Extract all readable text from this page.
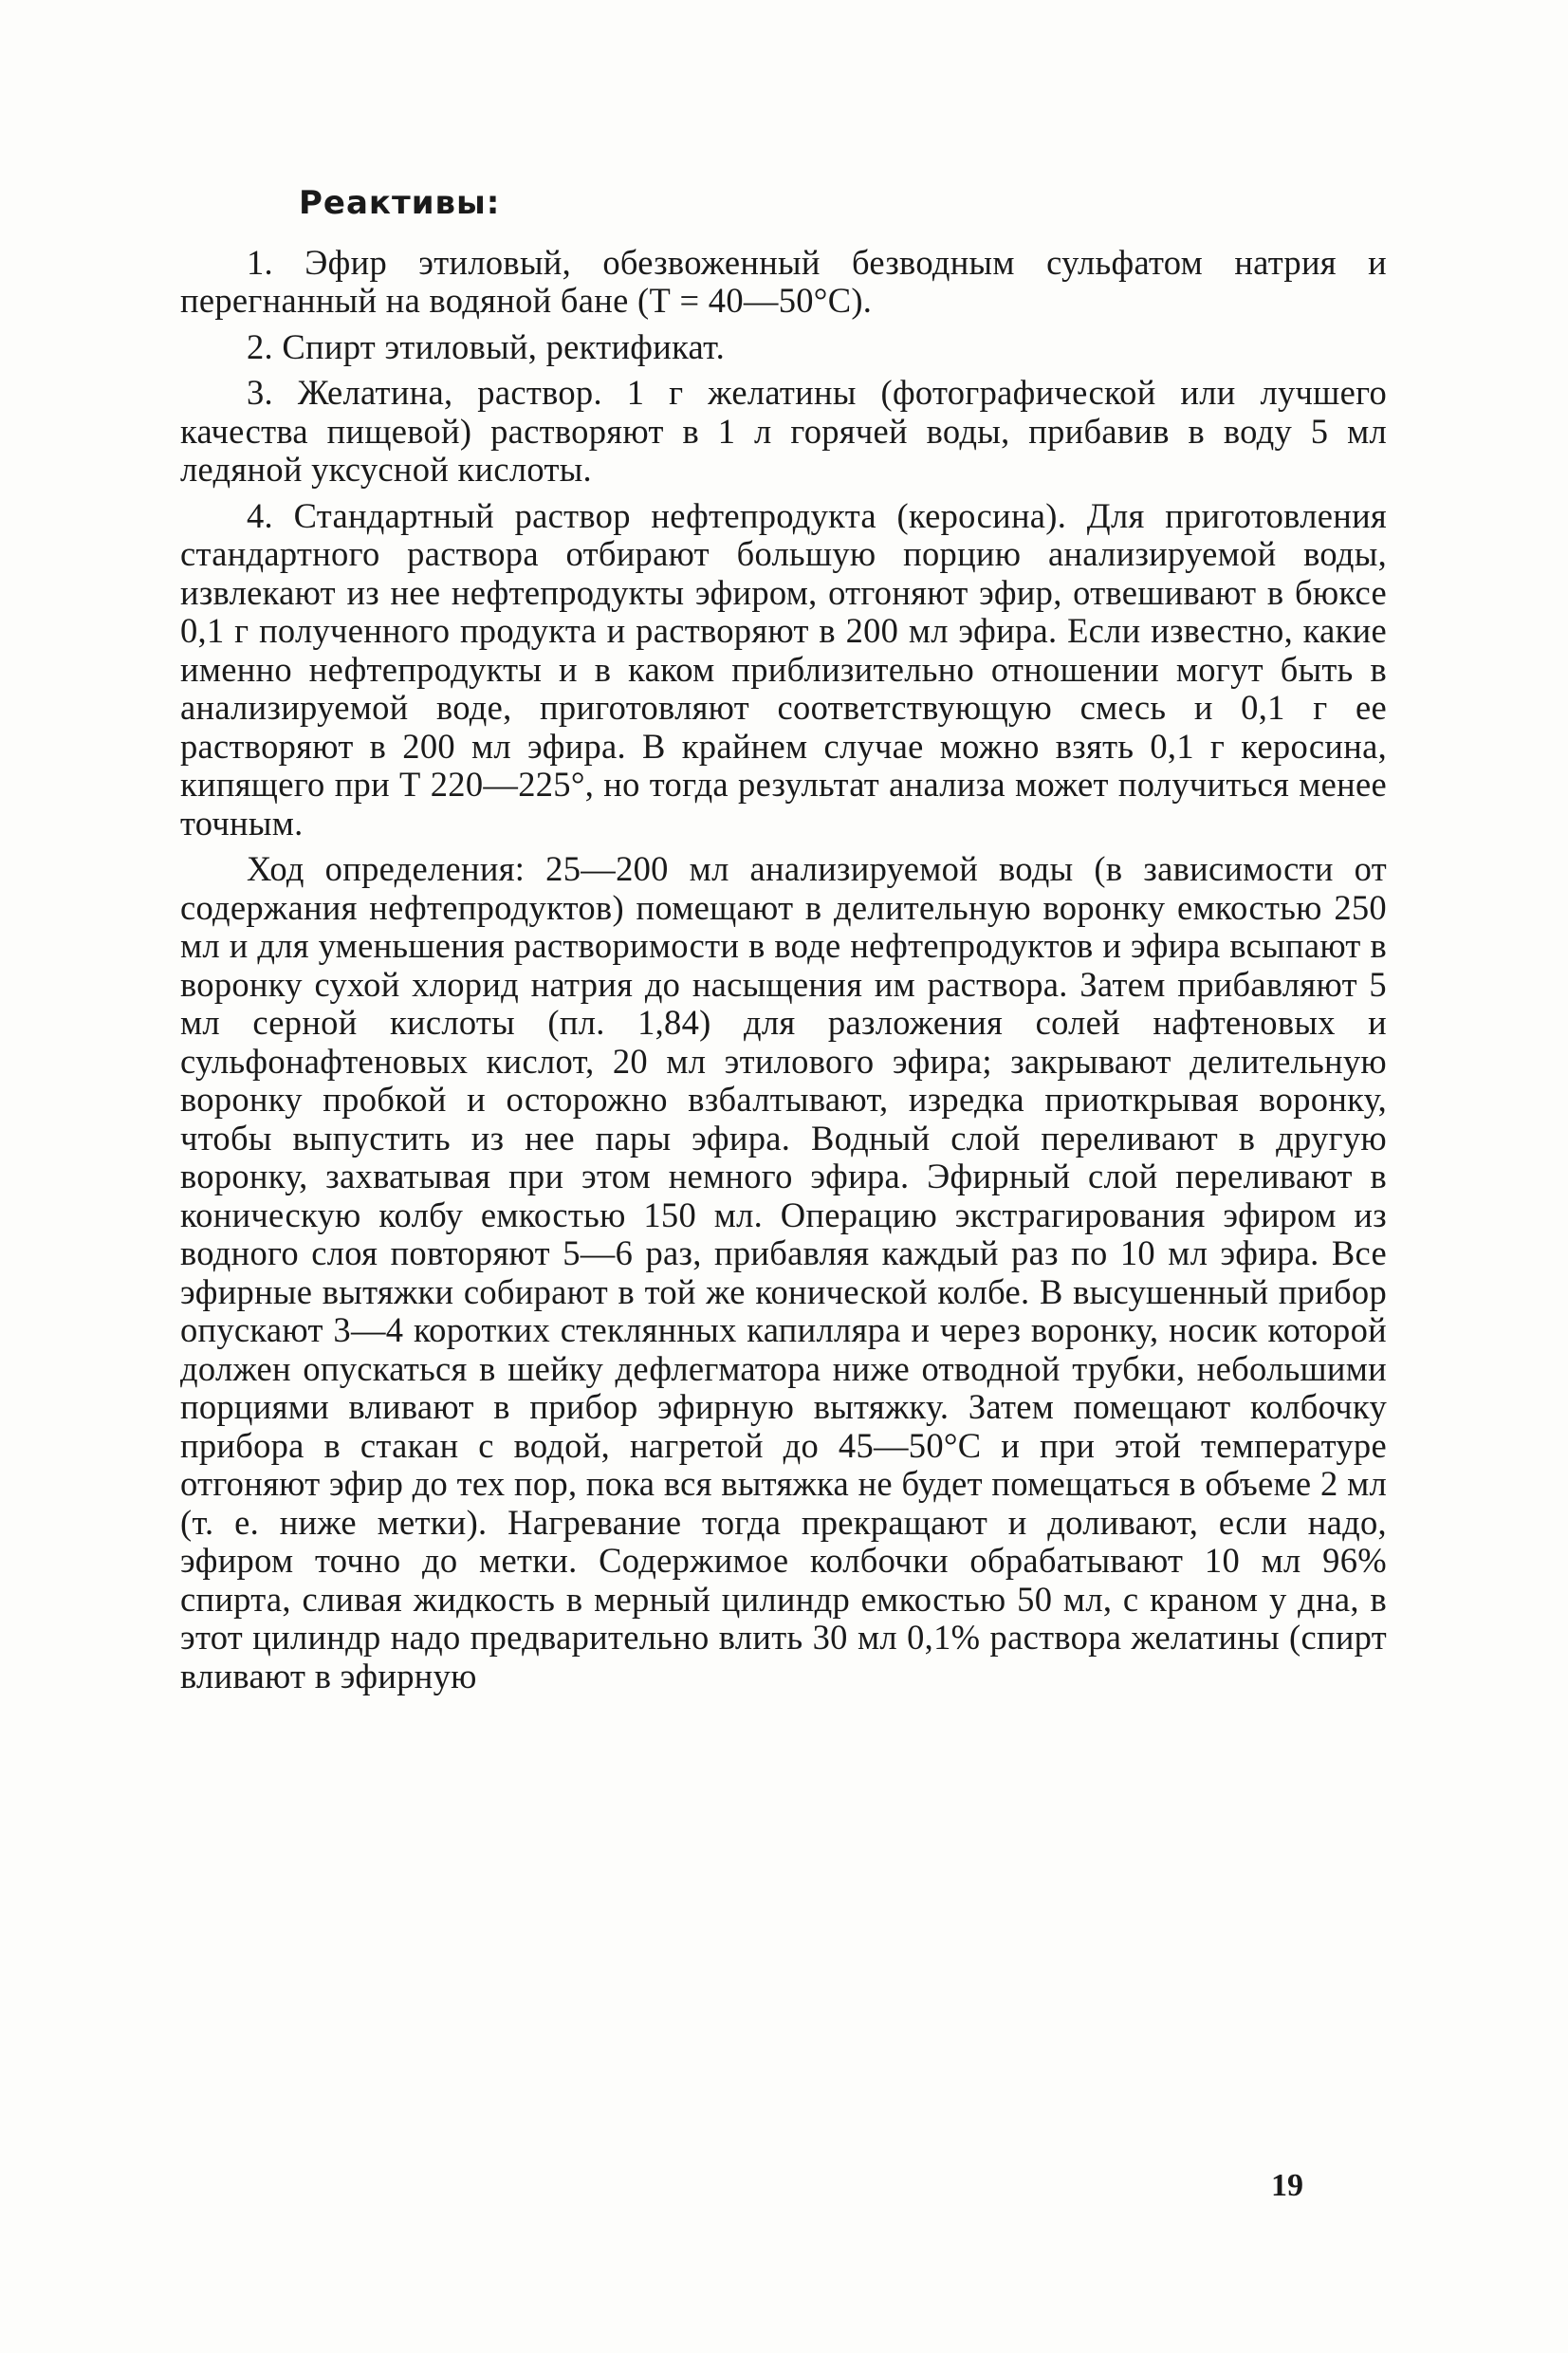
Реактивы:

1. Эфир этиловый, обезвоженный безводным сульфатом натрия и перегнанный на водяной бане (Т = 40—50°С).

2. Спирт этиловый, ректификат.

3. Желатина, раствор. 1 г желатины (фотографической или лучшего качества пищевой) растворяют в 1 л горячей воды, прибавив в воду 5 мл ледяной уксусной кислоты.

4. Стандартный раствор нефтепродукта (керосина). Для приготовления стандартного раствора отбирают большую порцию анализируемой воды, извлекают из нее нефтепродукты эфиром, отгоняют эфир, отвешивают в бюксе 0,1 г полученного продукта и растворяют в 200 мл эфира. Если известно, какие именно нефтепродукты и в каком приблизительно отношении могут быть в анализируемой воде, приготовляют соответствующую смесь и 0,1 г ее растворяют в 200 мл эфира. В крайнем случае можно взять 0,1 г керосина, кипящего при Т 220—225°, но тогда результат анализа может получиться менее точным.

Ход определения: 25—200 мл анализируемой воды (в зависимости от содержания нефтепродуктов) помещают в делительную воронку емкостью 250 мл и для уменьшения растворимости в воде нефтепродуктов и эфира всыпают в воронку сухой хлорид натрия до насыщения им раствора. Затем прибавляют 5 мл серной кислоты (пл. 1,84) для разложения солей нафтеновых и сульфонафтеновых кислот, 20 мл этилового эфира; закрывают делительную воронку пробкой и осторожно взбалтывают, изредка приоткрывая воронку, чтобы выпустить из нее пары эфира. Водный слой переливают в другую воронку, захватывая при этом немного эфира. Эфирный слой переливают в коническую колбу емкостью 150 мл. Операцию экстрагирования эфиром из водного слоя повторяют 5—6 раз, прибавляя каждый раз по 10 мл эфира. Все эфирные вытяжки собирают в той же конической колбе. В высушенный прибор опускают 3—4 коротких стеклянных капилляра и через воронку, носик которой должен опускаться в шейку дефлегматора ниже отводной трубки, небольшими порциями вливают в прибор эфирную вытяжку. Затем помещают колбочку прибора в стакан с водой, нагретой до 45—50°С и при этой температуре отгоняют эфир до тех пор, пока вся вытяжка не будет помещаться в объеме 2 мл (т. е. ниже метки). Нагревание тогда прекращают и доливают, если надо, эфиром точно до метки. Содержимое колбочки обрабатывают 10 мл 96% спирта, сливая жидкость в мерный цилиндр емкостью 50 мл, с краном у дна, в этот цилиндр надо предварительно влить 30 мл 0,1% раствора желатины (спирт вливают в эфирную

19
